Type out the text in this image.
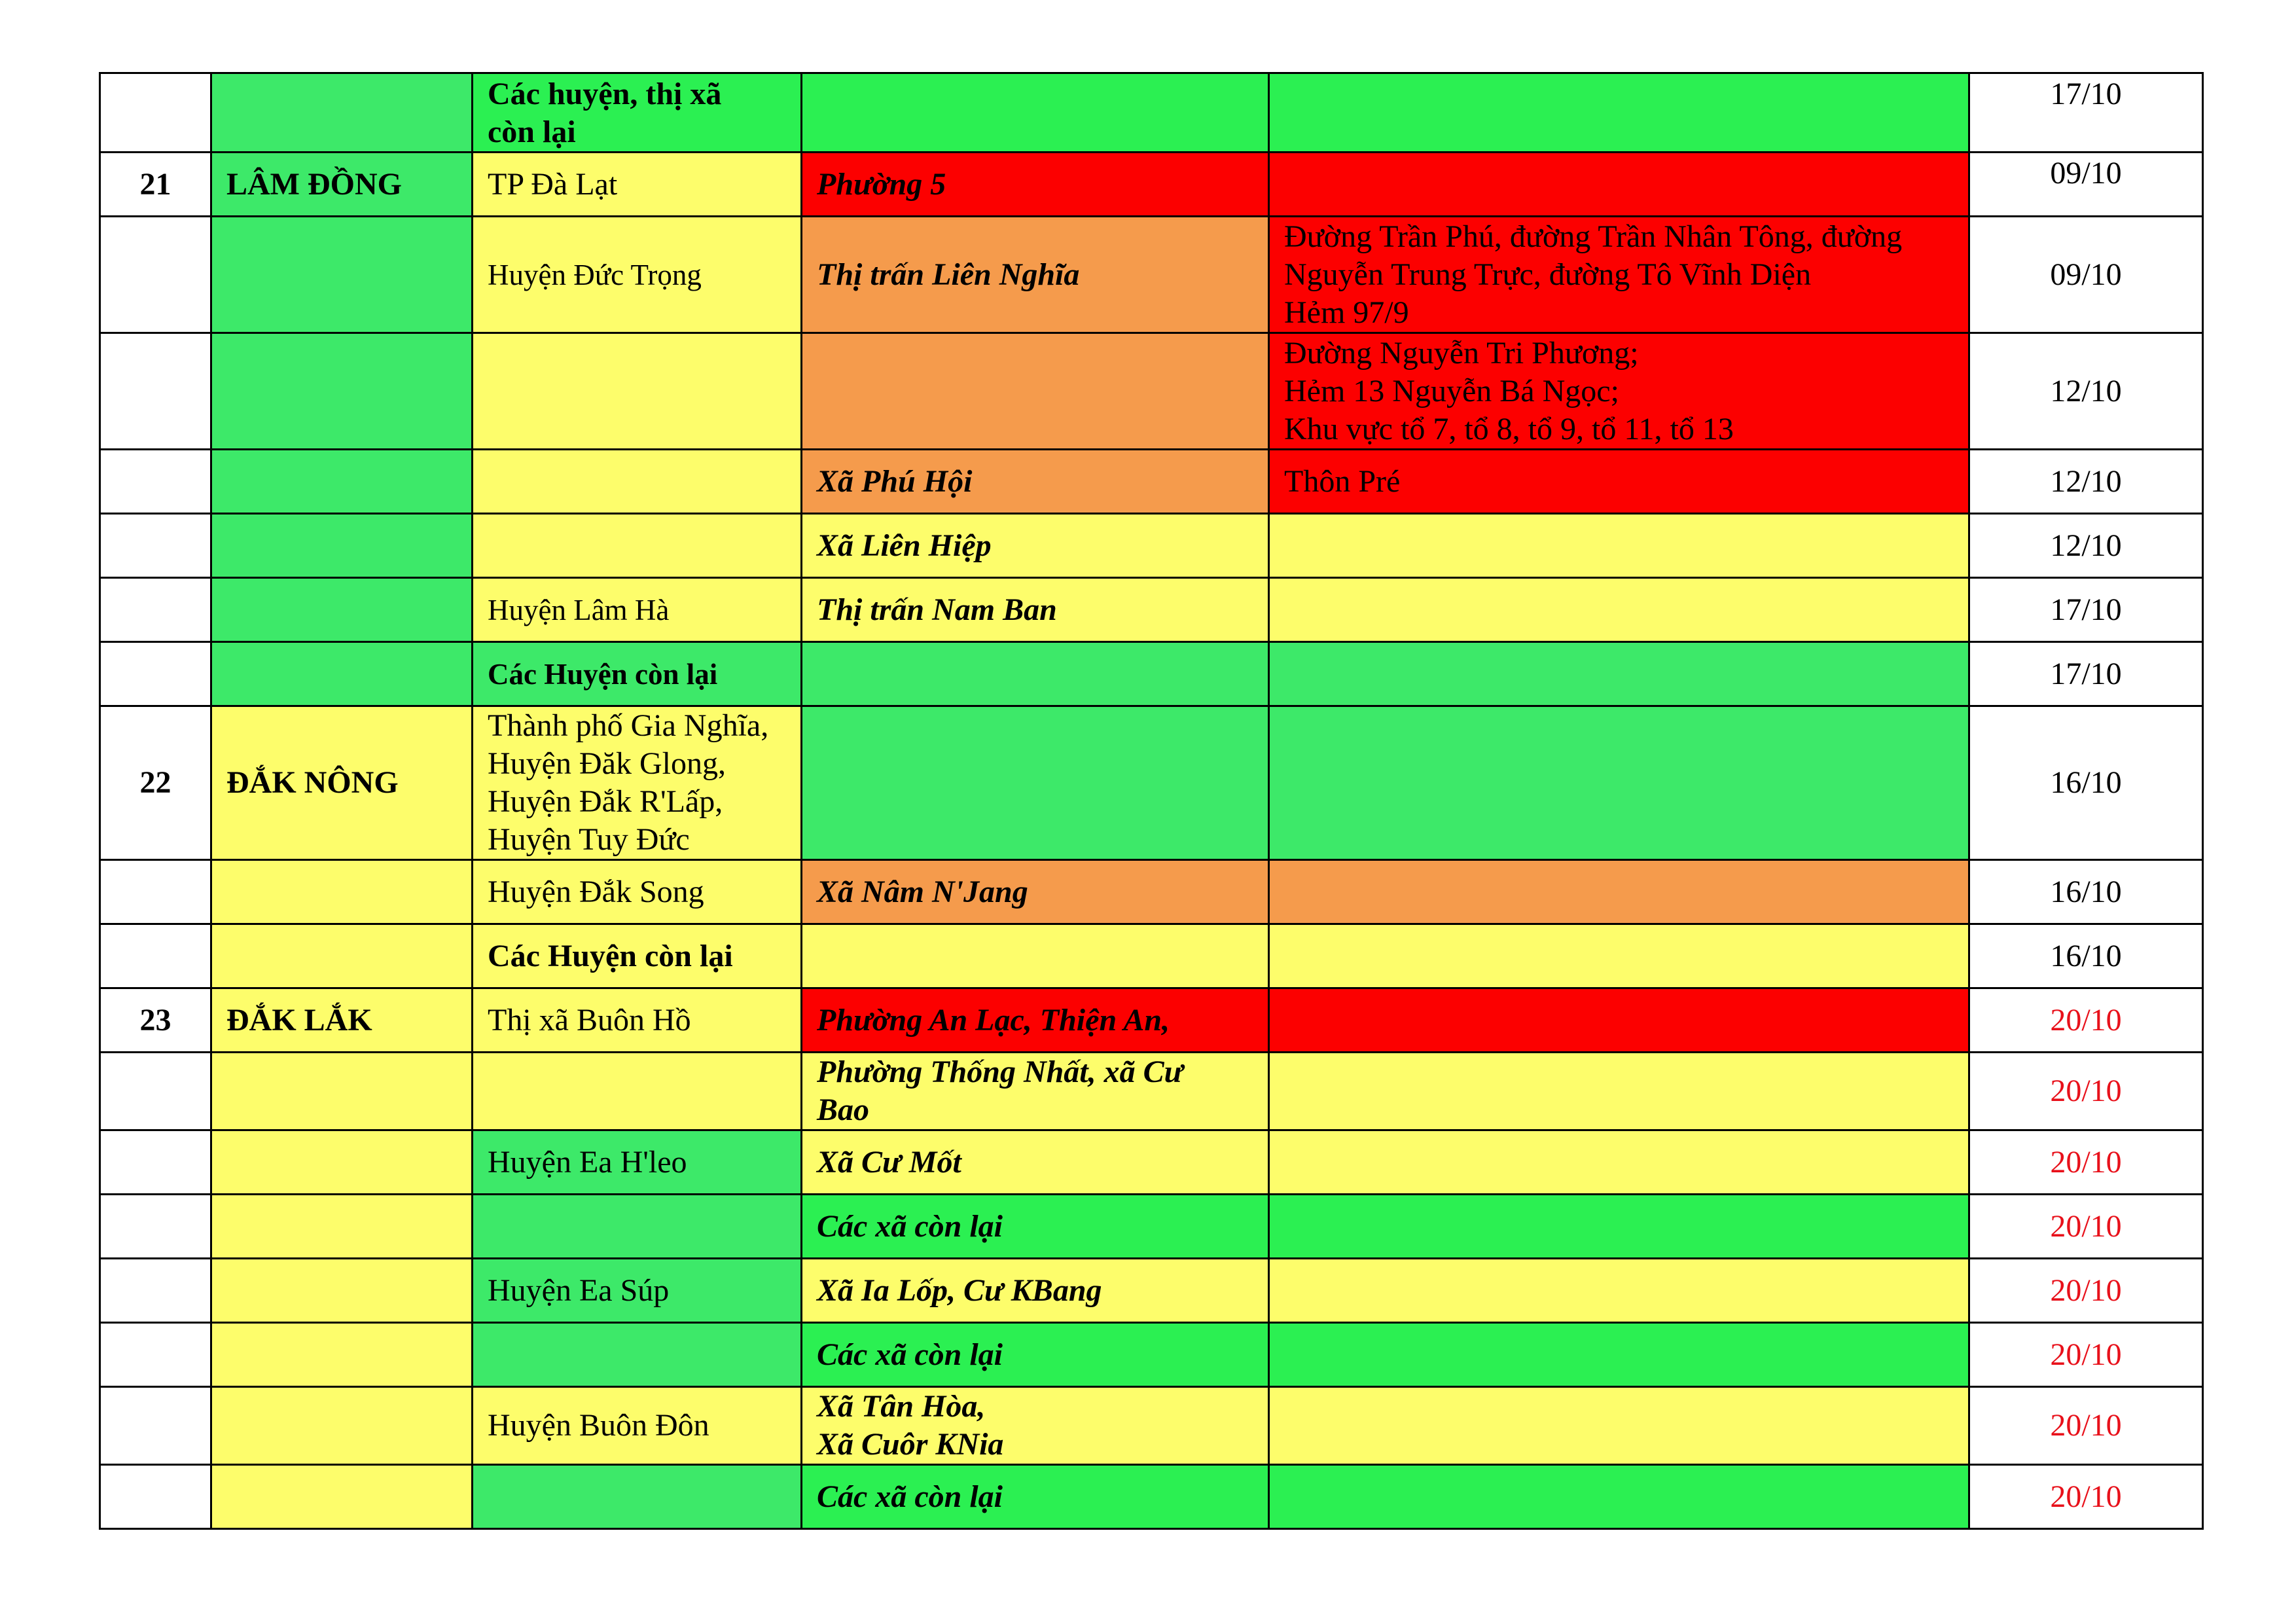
		Các huyện, thị xã
còn lại			17/10
21	LÂM ĐỒNG	TP Đà Lạt	Phường 5		09/10
		Huyện Đức Trọng	Thị trấn Liên Nghĩa	Đường Trần Phú, đường Trần Nhân Tông, đường
Nguyễn Trung Trực, đường Tô Vĩnh Diện
Hẻm 97/9	09/10
				Đường Nguyễn Tri Phương;
Hẻm 13 Nguyễn Bá Ngọc;
Khu vực tổ 7, tổ 8, tổ 9, tổ 11, tổ 13	12/10
			Xã Phú Hội	Thôn Pré	12/10
			Xã Liên Hiệp		12/10
		Huyện Lâm Hà	Thị trấn Nam Ban		17/10
		Các Huyện còn lại			17/10
22	ĐẮK NÔNG	Thành phố Gia Nghĩa,
Huyện Đăk Glong,
Huyện Đắk R'Lấp,
Huyện Tuy Đức			16/10
		Huyện Đắk Song	Xã Nâm N'Jang		16/10
		Các Huyện còn lại			16/10
23	ĐẮK LẮK	Thị xã Buôn Hồ	Phường An Lạc, Thiện An,		20/10
			Phường Thống Nhất, xã Cư
Bao		20/10
		Huyện Ea H'leo	Xã Cư Mốt		20/10
			Các xã còn lại		20/10
		Huyện Ea Súp	Xã Ia Lốp, Cư KBang		20/10
			Các xã còn lại		20/10
		Huyện Buôn Đôn	Xã Tân Hòa,
Xã Cuôr KNia		20/10
			Các xã còn lại		20/10
